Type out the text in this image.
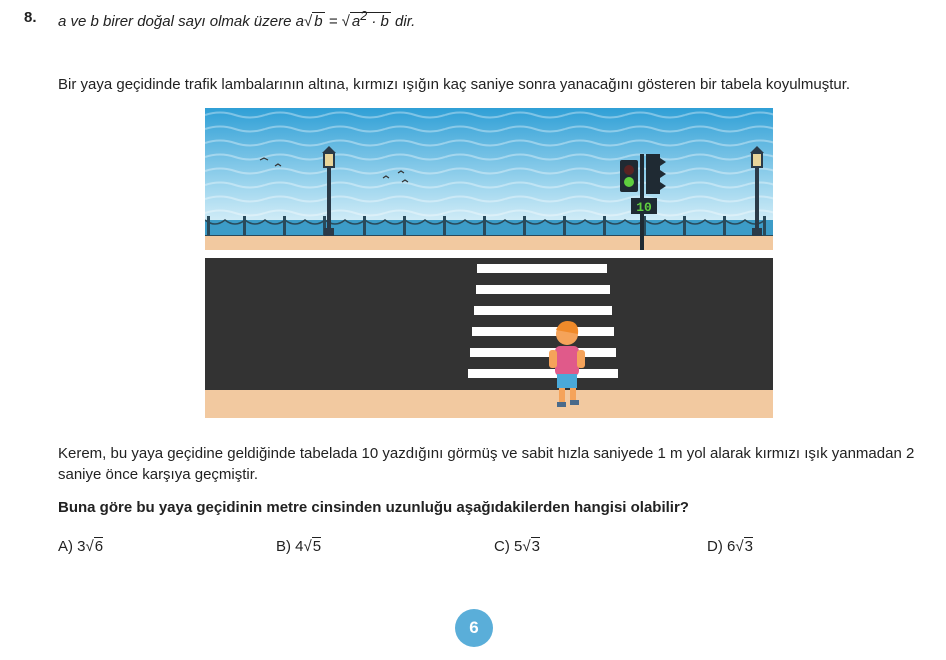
8. a ve b birer doğal sayı olmak üzere a√ b = √ $a^2 \cdot b$ dir.
Bir yaya geçidinde trafik lambalarının altına, kırmızı ışığın kaç saniye sonra yanacağını gösteren bir tabela koyulmuştur.
10
Kerem, bu yaya geçidine geldiğinde tabelada 10 yazdığını görmüş ve sabit hızla saniyede 1 m yol alarak kırmızı ışık yanmadan 2 saniye önce karşıya geçmiştir.
Buna göre bu yaya geçidinin metre cinsinden uzunluğu aşağıdakilerden hangisi olabilir?
A) 3√6	B) 4√5	C) 5√3	D) 6√3
6
